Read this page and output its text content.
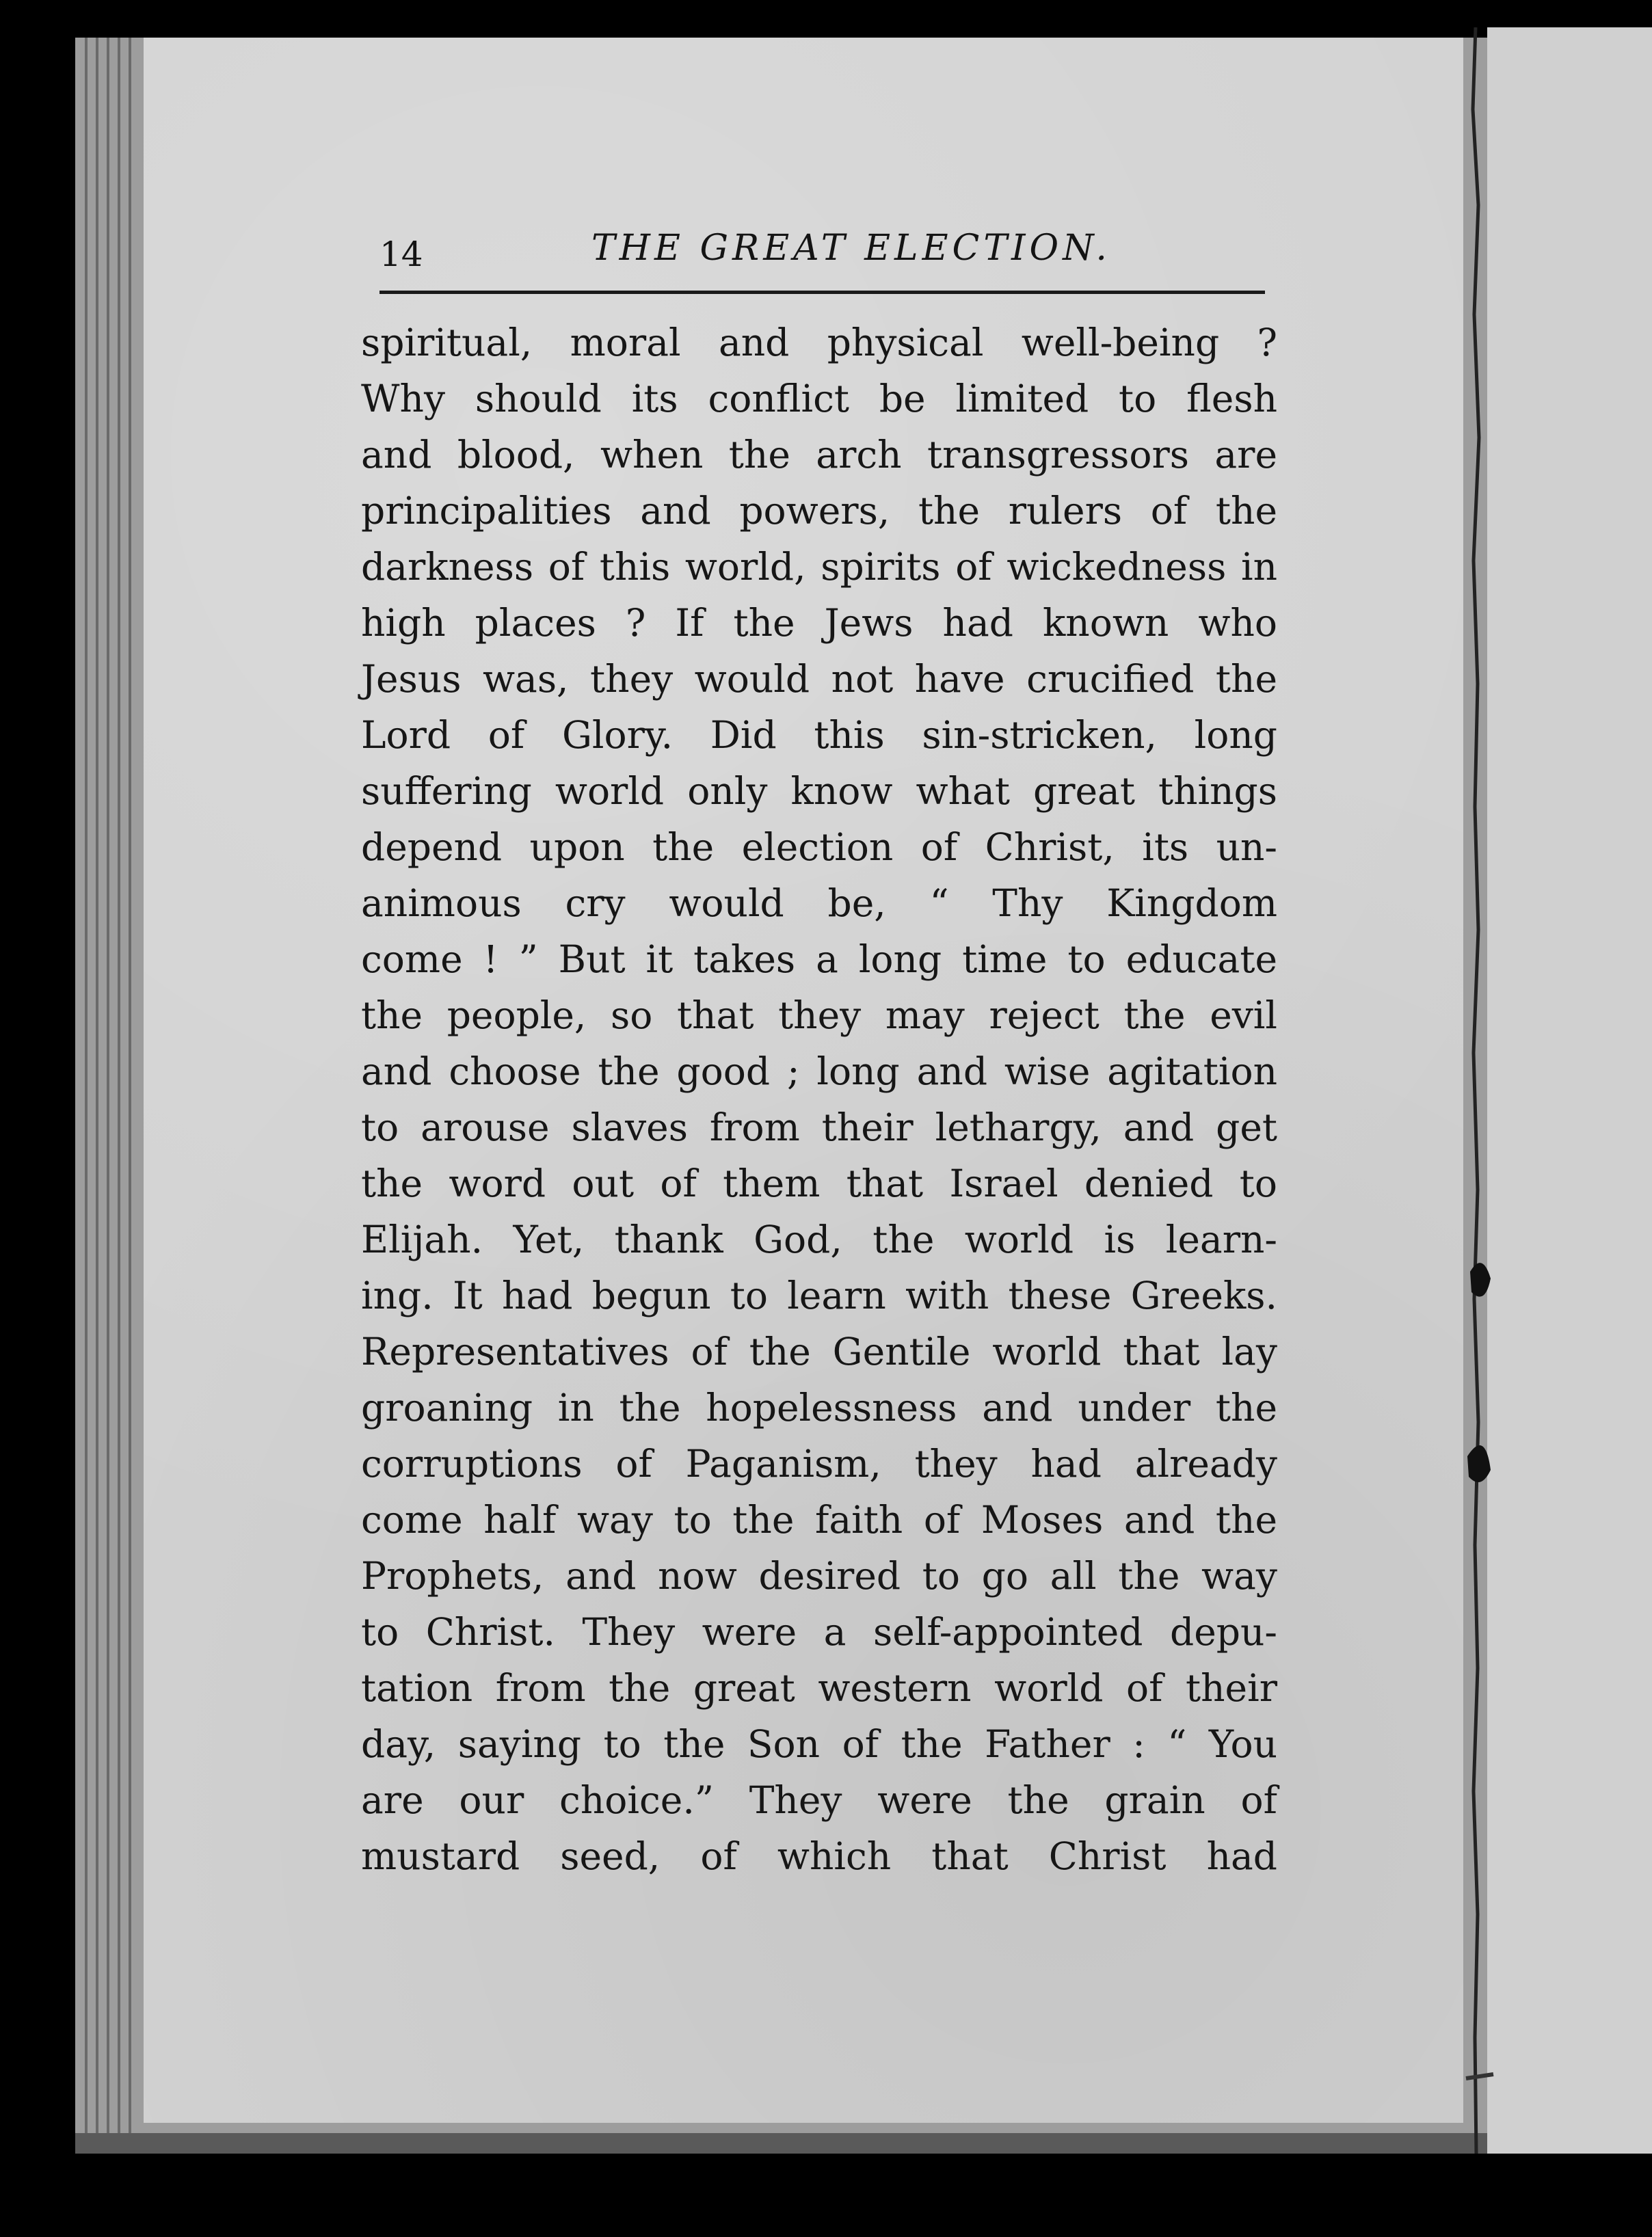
14	THE GREAT ELECTION.
spiritual, moral and physical well-being ?
Why should its conflict be limited to flesh
and blood, when the arch transgressors are
principalities and powers, the rulers of the
darkness of this world, spirits of wickedness in
high places ? If the Jews had known who
Jesus was, they would not have crucified the
Lord of Glory. Did this sin-stricken, long
suffering world only know what great things
depend upon the election of Christ, its un-
animous cry would be, “ Thy Kingdom
come ! ” But it takes a long time to educate
the people, so that they may reject the evil
and choose the good ; long and wise agitation
to arouse slaves from their lethargy, and get
the word out of them that Israel denied to
Elijah. Yet, thank God, the world is learn-
ing. It had begun to learn with these Greeks.
Representatives of the Gentile world that lay
groaning in the hopelessness and under the
corruptions of Paganism, they had already
come half way to the faith of Moses and the
Prophets, and now desired to go all the way
to Christ. They were a self-appointed depu-
tation from the great western world of their
day, saying to the Son of the Father : “ You
are our choice.” They were the grain of
mustard seed, of which that Christ had
